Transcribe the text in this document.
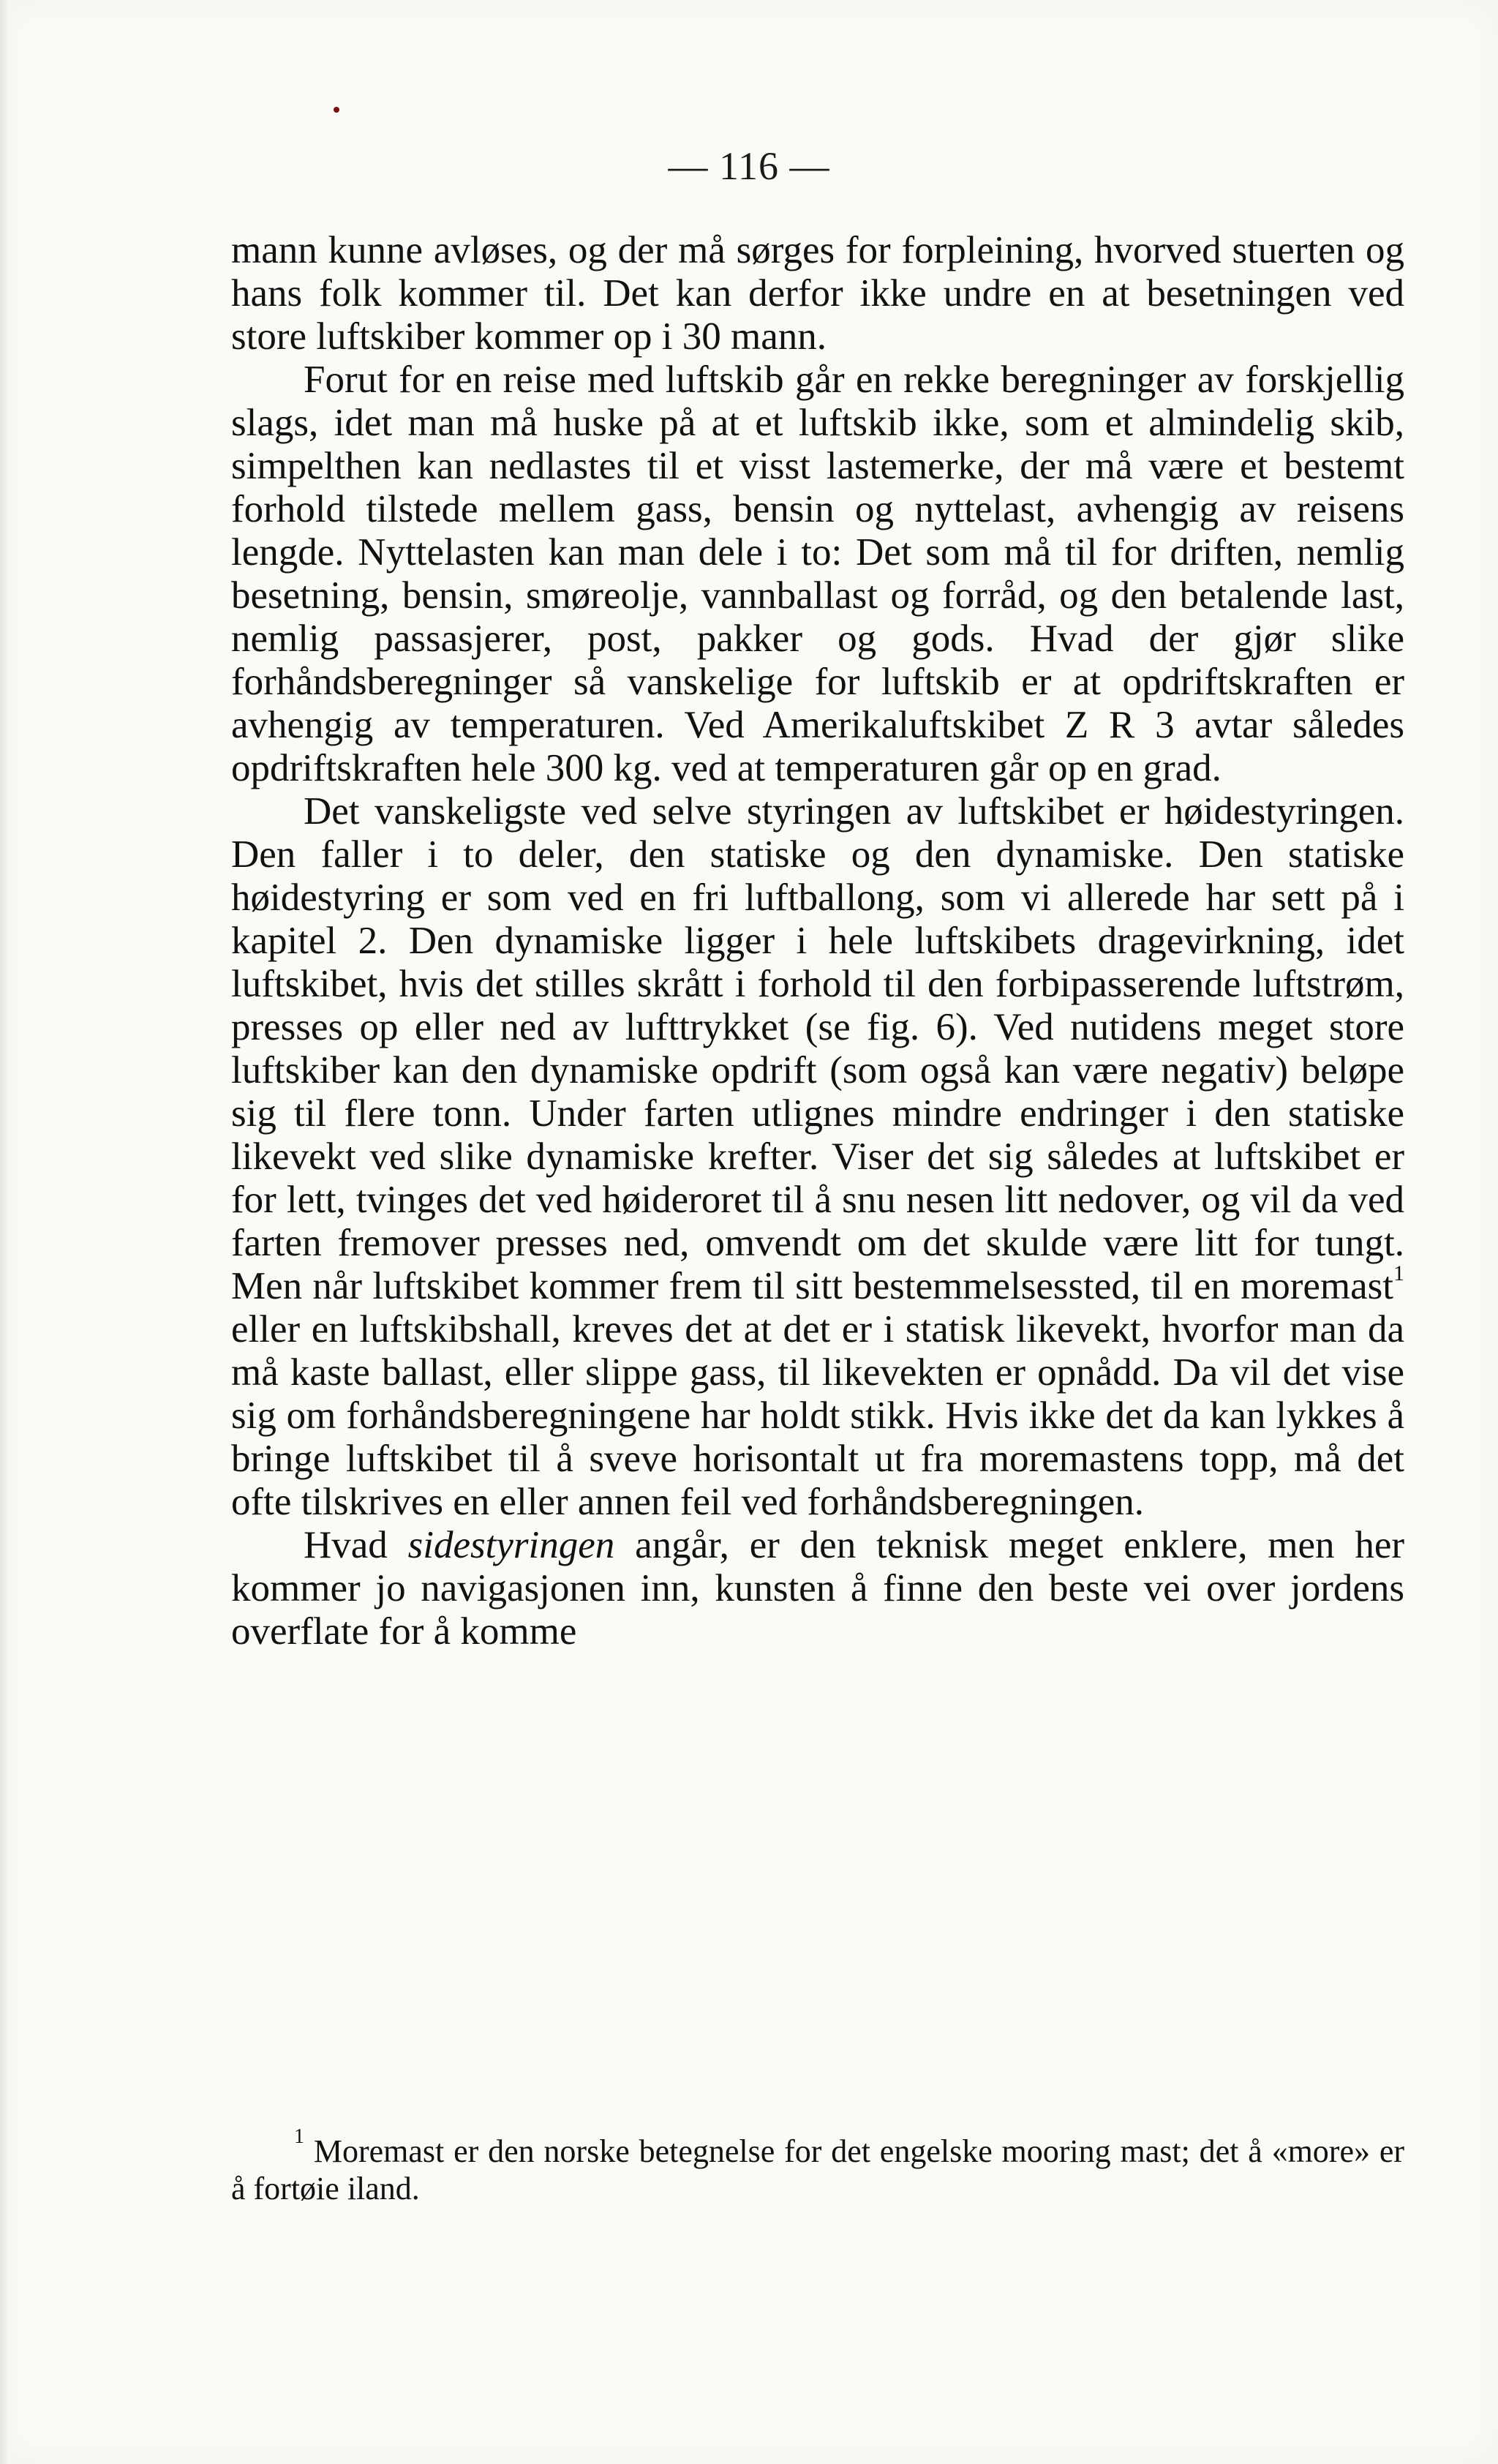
— 116 —

mann kunne avløses, og der må sørges for forpleining, hvorved stuerten og hans folk kommer til. Det kan derfor ikke undre en at besetningen ved store luftskiber kommer op i 30 mann.

Forut for en reise med luftskib går en rekke beregninger av forskjellig slags, idet man må huske på at et luftskib ikke, som et almindelig skib, simpelthen kan nedlastes til et visst lastemerke, der må være et bestemt forhold tilstede mellem gass, bensin og nyttelast, avhengig av reisens lengde. Nyttelasten kan man dele i to: Det som må til for driften, nemlig besetning, bensin, smøreolje, vannballast og forråd, og den betalende last, nemlig passasjerer, post, pakker og gods. Hvad der gjør slike forhåndsberegninger så vanskelige for luftskib er at opdriftskraften er avhengig av temperaturen. Ved Amerikaluftskibet Z R 3 avtar således opdriftskraften hele 300 kg. ved at temperaturen går op en grad.

Det vanskeligste ved selve styringen av luftskibet er høidestyringen. Den faller i to deler, den statiske og den dynamiske. Den statiske høidestyring er som ved en fri luftballong, som vi allerede har sett på i kapitel 2. Den dynamiske ligger i hele luftskibets dragevirkning, idet luftskibet, hvis det stilles skrått i forhold til den forbipasserende luftstrøm, presses op eller ned av lufttrykket (se fig. 6). Ved nutidens meget store luftskiber kan den dynamiske opdrift (som også kan være negativ) beløpe sig til flere tonn. Under farten utlignes mindre endringer i den statiske likevekt ved slike dynamiske krefter. Viser det sig således at luftskibet er for lett, tvinges det ved høideroret til å snu nesen litt nedover, og vil da ved farten fremover presses ned, omvendt om det skulde være litt for tungt. Men når luftskibet kommer frem til sitt bestemmelsessted, til en moremast$^1$ eller en luftskibshall, kreves det at det er i statisk likevekt, hvorfor man da må kaste ballast, eller slippe gass, til likevekten er opnådd. Da vil det vise sig om forhåndsberegningene har holdt stikk. Hvis ikke det da kan lykkes å bringe luftskibet til å sveve horisontalt ut fra moremastens topp, må det ofte tilskrives en eller annen feil ved forhåndsberegningen.

Hvad sidestyringen angår, er den teknisk meget enklere, men her kommer jo navigasjonen inn, kunsten å finne den beste vei over jordens overflate for å komme

$^1$ Moremast er den norske betegnelse for det engelske mooring mast; det å «more» er å fortøie iland.
